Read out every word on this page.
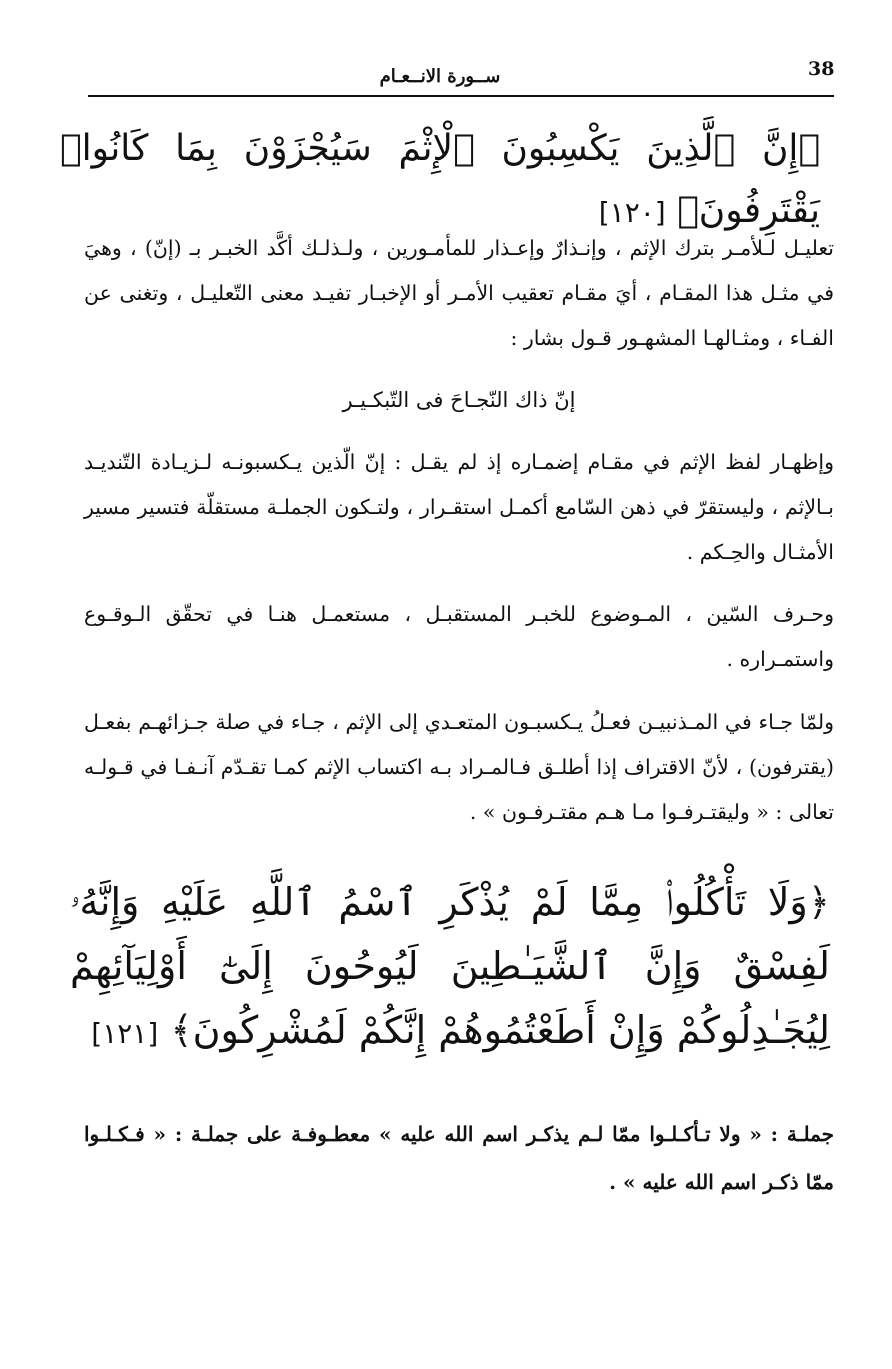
38
ســورة الانــعـام
﴿إِنَّ ٱلَّذِينَ يَكْسِبُونَ ٱلْإِثْمَ سَيُجْزَوْنَ بِمَا كَانُوا۟ يَقْتَرِفُونَ﴾ [١٢٠]
تعليـل لـلأمـر بترك الإثم ، وإنـذارٌ وإعـذار للمأمـورين ، ولـذلـك أكَّد الخبـر بـ (إنّ) ، وهيَ في مثـل هذا المقـام ، أيَ مقـام تعقيب الأمـر أو الإخبـار تفيـد معنى التّعليـل ، وتغنى عن الفـاء ، ومثـالهـا المشهـور قـول بشار :
إنّ ذاك النّجـاحَ فى التّبكـيـر
وإظهـار لفظ الإثم في مقـام إضمـاره إذ لم يقـل : إنّ الّذين يـكسبونـه لـزيـادة التّنديـد بـالإثم ، وليستقرّ في ذهن السّامع أكمـل استقـرار ، ولتـكون الجملـة مستقلّة فتسير مسير الأمثـال والحِـكم .
وحـرف السّين ، المـوضوع للخبـر المستقبـل ، مستعمـل هنـا في تحقّق الـوقـوع واستمـراره .
ولمّا جـاء في المـذنبيـن فعـلُ يـكسبـون المتعـدي إلى الإثم ، جـاء في صلة جـزائهـم بفعـل (يقترفون) ، لأنّ الاقتراف إذا أطلـق فـالمـراد بـه اكتساب الإثم كمـا تقـدّم آنـفـا في قـولـه تعالى : « وليقتـرفـوا مـا هـم مقتـرفـون » .
﴿وَلَا تَأْكُلُوا۟ مِمَّا لَمْ يُذْكَرِ ٱسْمُ ٱللَّهِ عَلَيْهِ وَإِنَّهُۥ لَفِسْقٌ وَإِنَّ ٱلشَّيَـٰطِينَ لَيُوحُونَ إِلَىٰٓ أَوْلِيَآئِهِمْ لِيُجَـٰدِلُوكُمْ وَإِنْ أَطَعْتُمُوهُمْ إِنَّكُمْ لَمُشْرِكُونَ﴾ [١٢١]
جملـة : « ولا تـأكـلـوا ممّا لـم يذكـر اسم الله عليه » معطـوفـة على جملـة : « فـكـلـوا ممّا ذكـر اسم الله عليه » .
